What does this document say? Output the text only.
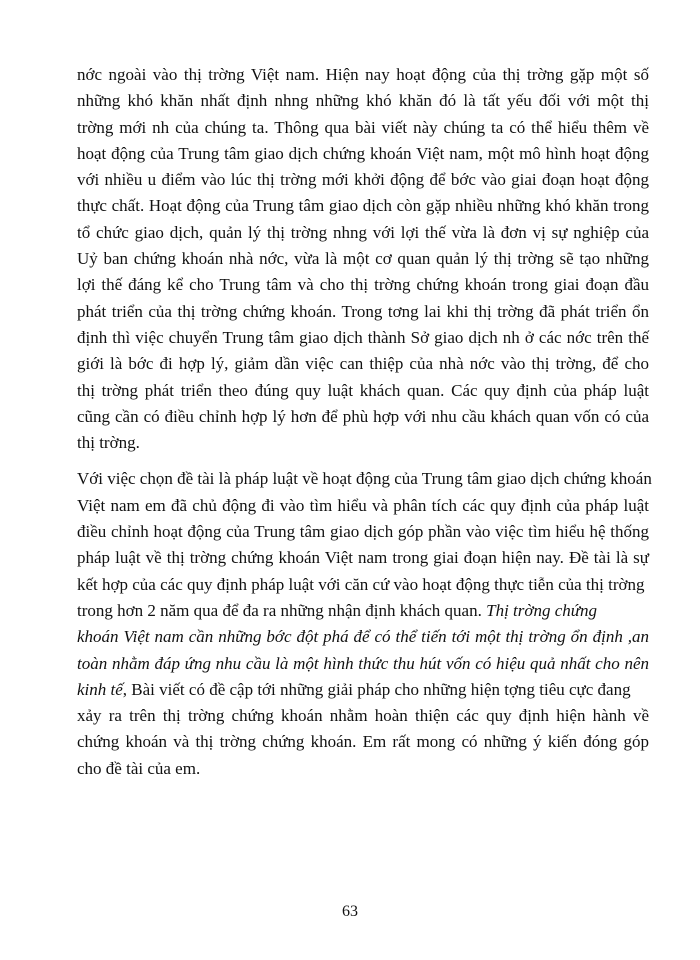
nớc ngoài vào thị trờng Việt nam. Hiện nay hoạt động của thị trờng gặp một số
những khó khăn nhất định nhng những khó khăn đó là tất yếu đối với một thị
trờng mới nh của chúng ta. Thông qua bài viết này chúng ta có thể hiểu thêm về
hoạt động của Trung tâm giao dịch chứng khoán Việt nam, một mô hình hoạt động
với nhiều u điểm vào lúc thị trờng mới khởi động để bớc vào giai đoạn hoạt động
thực chất. Hoạt động của Trung tâm giao dịch còn gặp nhiều những khó khăn trong
tổ chức giao dịch, quản lý thị trờng nhng với lợi thế vừa là đơn vị sự nghiệp của
Uỷ ban chứng khoán nhà nớc, vừa là một cơ quan quản lý thị trờng sẽ tạo những
lợi thế đáng kể cho Trung tâm và cho thị trờng chứng khoán trong giai đoạn đầu
phát triển của thị trờng chứng khoán. Trong tơng lai khi thị trờng đã phát triển ổn
định thì việc chuyển Trung tâm giao dịch thành Sở giao dịch nh ở các nớc trên thế
giới là bớc đi hợp lý, giảm dần việc can thiệp của nhà nớc vào thị trờng, để cho
thị trờng phát triển theo đúng quy luật khách quan. Các quy định của pháp luật
cũng cần có điều chỉnh hợp lý hơn để phù hợp với nhu cầu khách quan vốn có của
thị trờng.

Với việc chọn đề tài là pháp luật về hoạt động của Trung tâm giao dịch chứng khoán
Việt nam em đã chủ động đi vào tìm hiểu và phân tích các quy định của pháp luật
điều chỉnh hoạt động của Trung tâm giao dịch góp phần vào việc tìm hiểu hệ thống
pháp luật về thị trờng chứng khoán Việt nam trong giai đoạn hiện nay. Đề tài là sự
kết hợp của các quy định pháp luật với căn cứ vào hoạt động thực tiễn của thị trờng
trong hơn 2 năm qua để đa ra những nhận định khách quan. Thị trờng chứng
khoán Việt nam cần những bớc đột phá để có thể tiến tới một thị trờng ổn định ,an
toàn nhằm đáp ứng nhu cầu là một hình thức thu hút vốn có hiệu quả nhất cho nên
kinh tế, Bài viết có đề cập tới những giải pháp cho những hiện tợng tiêu cực đang
xảy ra trên thị trờng chứng khoán nhằm hoàn thiện các quy định hiện hành về
chứng khoán và thị trờng chứng khoán. Em rất mong có những ý kiến đóng góp
cho đề tài của em.

63
